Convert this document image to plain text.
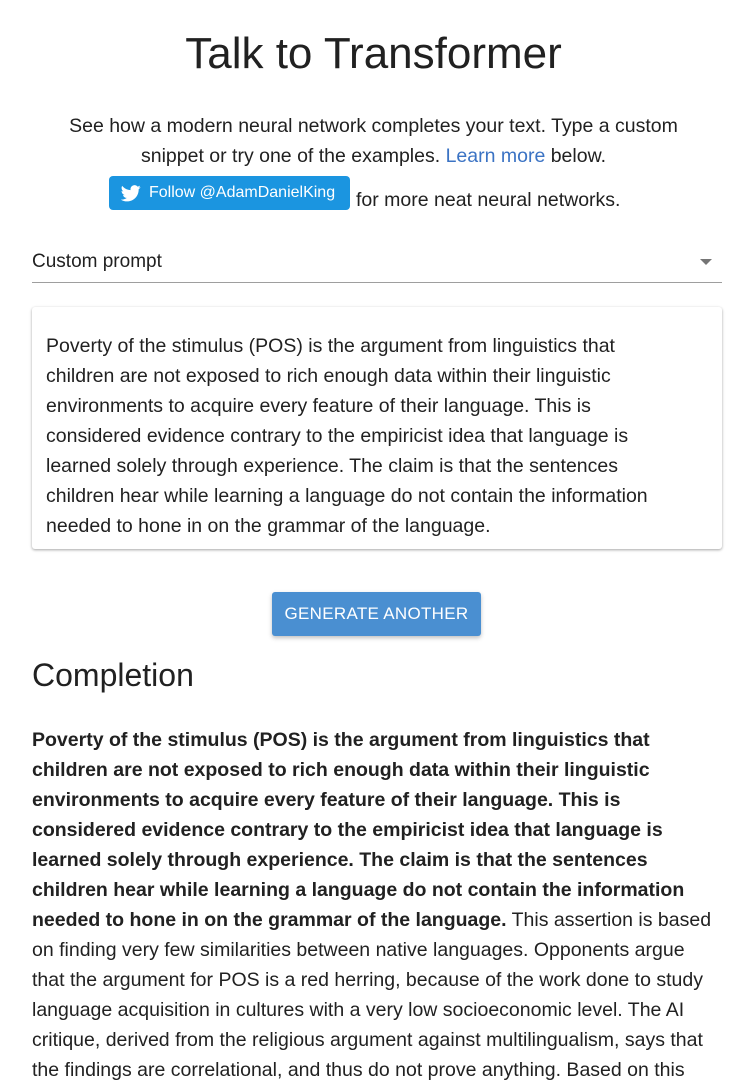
Talk to Transformer

See how a modern neural network completes your text. Type a custom snippet or try one of the examples. Learn more below.

Follow @AdamDanielKing for more neat neural networks.
Custom prompt

Poverty of the stimulus (POS) is the argument from linguistics that
children are not exposed to rich enough data within their linguistic
environments to acquire every feature of their language. This is
considered evidence contrary to the empiricist idea that language is
learned solely through experience. The claim is that the sentences
children hear while learning a language do not contain the information
needed to hone in on the grammar of the language.

GENERATE ANOTHER
Completion

Poverty of the stimulus (POS) is the argument from linguistics that children are not exposed to rich enough data within their linguistic environments to acquire every feature of their language. This is considered evidence contrary to the empiricist idea that language is learned solely through experience. The claim is that the sentences children hear while learning a language do not contain the information needed to hone in on the grammar of the language. This assertion is based on finding very few similarities between native languages. Opponents argue that the argument for POS is a red herring, because of the work done to study language acquisition in cultures with a very low socioeconomic level. The AI critique, derived from the religious argument against multilingualism, says that the findings are correlational, and thus do not prove anything. Based on this
